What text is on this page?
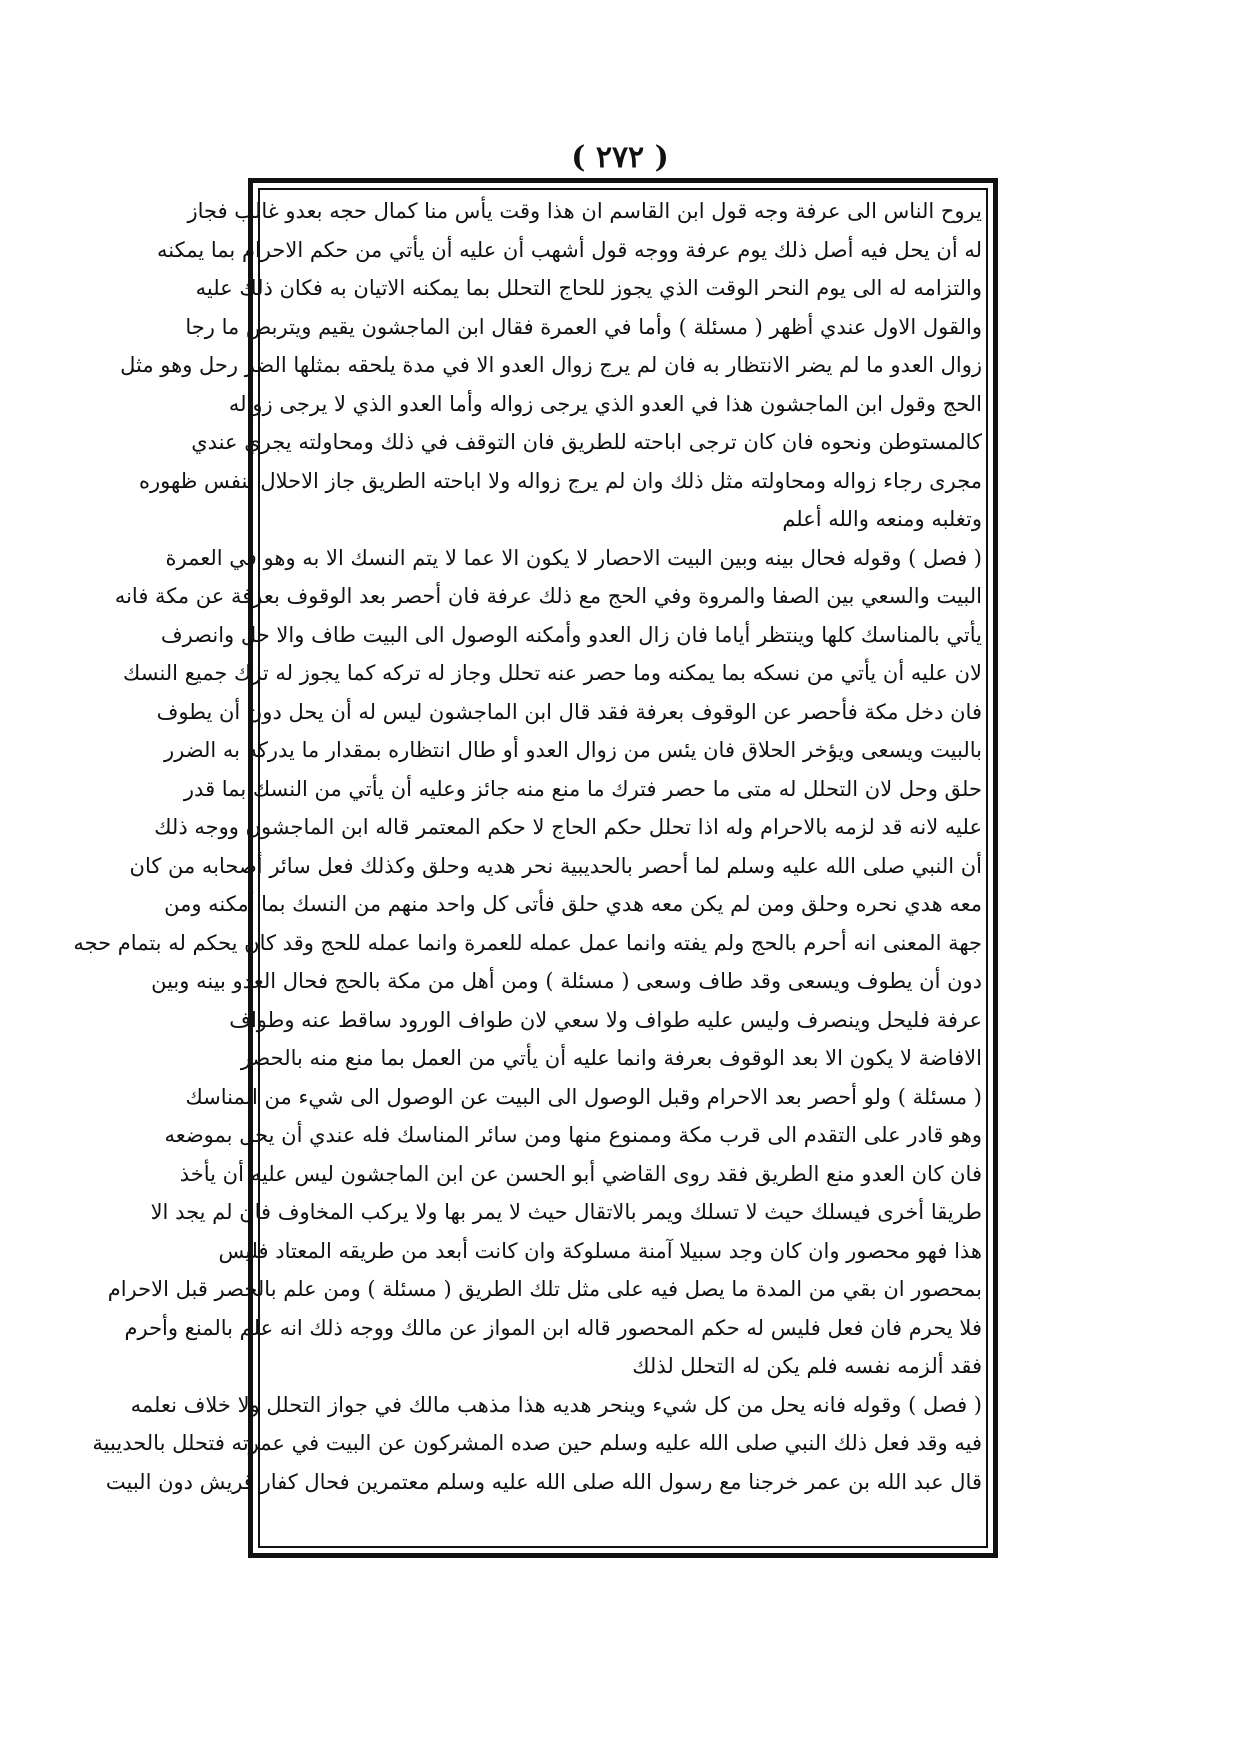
( ٢٧٢ )
يروح الناس الى عرفة وجه قول ابن القاسم ان هذا وقت يأس منا كمال حجه بعدو غالب فجاز
له أن يحل فيه أصل ذلك يوم عرفة ووجه قول أشهب أن عليه أن يأتي من حكم الاحرام بما يمكنه
والتزامه له الى يوم النحر الوقت الذي يجوز للحاج التحلل بما يمكنه الاتيان به فكان ذلك عليه
والقول الاول عندي أظهر ( مسئلة ) وأما في العمرة فقال ابن الماجشون يقيم ويتربص ما رجا
زوال العدو ما لم يضر الانتظار به فان لم يرج زوال العدو الا في مدة يلحقه بمثلها الضر رحل وهو مثل
الحج وقول ابن الماجشون هذا في العدو الذي يرجى زواله وأما العدو الذي لا يرجى زواله
كالمستوطن ونحوه فان كان ترجى اباحته للطريق فان التوقف في ذلك ومحاولته يجري عندي
مجرى رجاء زواله ومحاولته مثل ذلك وان لم يرج زواله ولا اباحته الطريق جاز الاحلال بنفس ظهوره
وتغلبه ومنعه والله أعلم
( فصل ) وقوله فحال بينه وبين البيت الاحصار لا يكون الا عما لا يتم النسك الا به وهو في العمرة
البيت والسعي بين الصفا والمروة وفي الحج مع ذلك عرفة فان أحصر بعد الوقوف بعرفة عن مكة فانه
يأتي بالمناسك كلها وينتظر أياما فان زال العدو وأمكنه الوصول الى البيت طاف والا حل وانصرف
لان عليه أن يأتي من نسكه بما يمكنه وما حصر عنه تحلل وجاز له تركه كما يجوز له ترك جميع النسك
فان دخل مكة فأحصر عن الوقوف بعرفة فقد قال ابن الماجشون ليس له أن يحل دون أن يطوف
بالبيت ويسعى ويؤخر الحلاق فان يئس من زوال العدو أو طال انتظاره بمقدار ما يدركه به الضرر
حلق وحل لان التحلل له متى ما حصر فترك ما منع منه جائز وعليه أن يأتي من النسك بما قدر
عليه لانه قد لزمه بالاحرام وله اذا تحلل حكم الحاج لا حكم المعتمر قاله ابن الماجشون ووجه ذلك
أن النبي صلى الله عليه وسلم لما أحصر بالحديبية نحر هديه وحلق وكذلك فعل سائر أصحابه من كان
معه هدي نحره وحلق ومن لم يكن معه هدي حلق فأتى كل واحد منهم من النسك بما أمكنه ومن
جهة المعنى انه أحرم بالحج ولم يفته وانما عمل عمله للعمرة وانما عمله للحج وقد كان يحكم له بتمام حجه
دون أن يطوف ويسعى وقد طاف وسعى ( مسئلة ) ومن أهل من مكة بالحج فحال العدو بينه وبين
عرفة فليحل وينصرف وليس عليه طواف ولا سعي لان طواف الورود ساقط عنه وطواف
الافاضة لا يكون الا بعد الوقوف بعرفة وانما عليه أن يأتي من العمل بما منع منه بالحصر
( مسئلة ) ولو أحصر بعد الاحرام وقبل الوصول الى البيت عن الوصول الى شيء من المناسك
وهو قادر على التقدم الى قرب مكة وممنوع منها ومن سائر المناسك فله عندي أن يحل بموضعه
فان كان العدو منع الطريق فقد روى القاضي أبو الحسن عن ابن الماجشون ليس عليه أن يأخذ
طريقا أخرى فيسلك حيث لا تسلك ويمر بالاتقال حيث لا يمر بها ولا يركب المخاوف فان لم يجد الا
هذا فهو محصور وان كان وجد سبيلا آمنة مسلوكة وان كانت أبعد من طريقه المعتاد فليس
بمحصور ان بقي من المدة ما يصل فيه على مثل تلك الطريق ( مسئلة ) ومن علم بالحصر قبل الاحرام
فلا يحرم فان فعل فليس له حكم المحصور قاله ابن المواز عن مالك ووجه ذلك انه علم بالمنع وأحرم
فقد ألزمه نفسه فلم يكن له التحلل لذلك
( فصل ) وقوله فانه يحل من كل شيء وينحر هديه هذا مذهب مالك في جواز التحلل ولا خلاف نعلمه
فيه وقد فعل ذلك النبي صلى الله عليه وسلم حين صده المشركون عن البيت في عمرته فتحلل بالحديبية
قال عبد الله بن عمر خرجنا مع رسول الله صلى الله عليه وسلم معتمرين فحال كفار قريش دون البيت
